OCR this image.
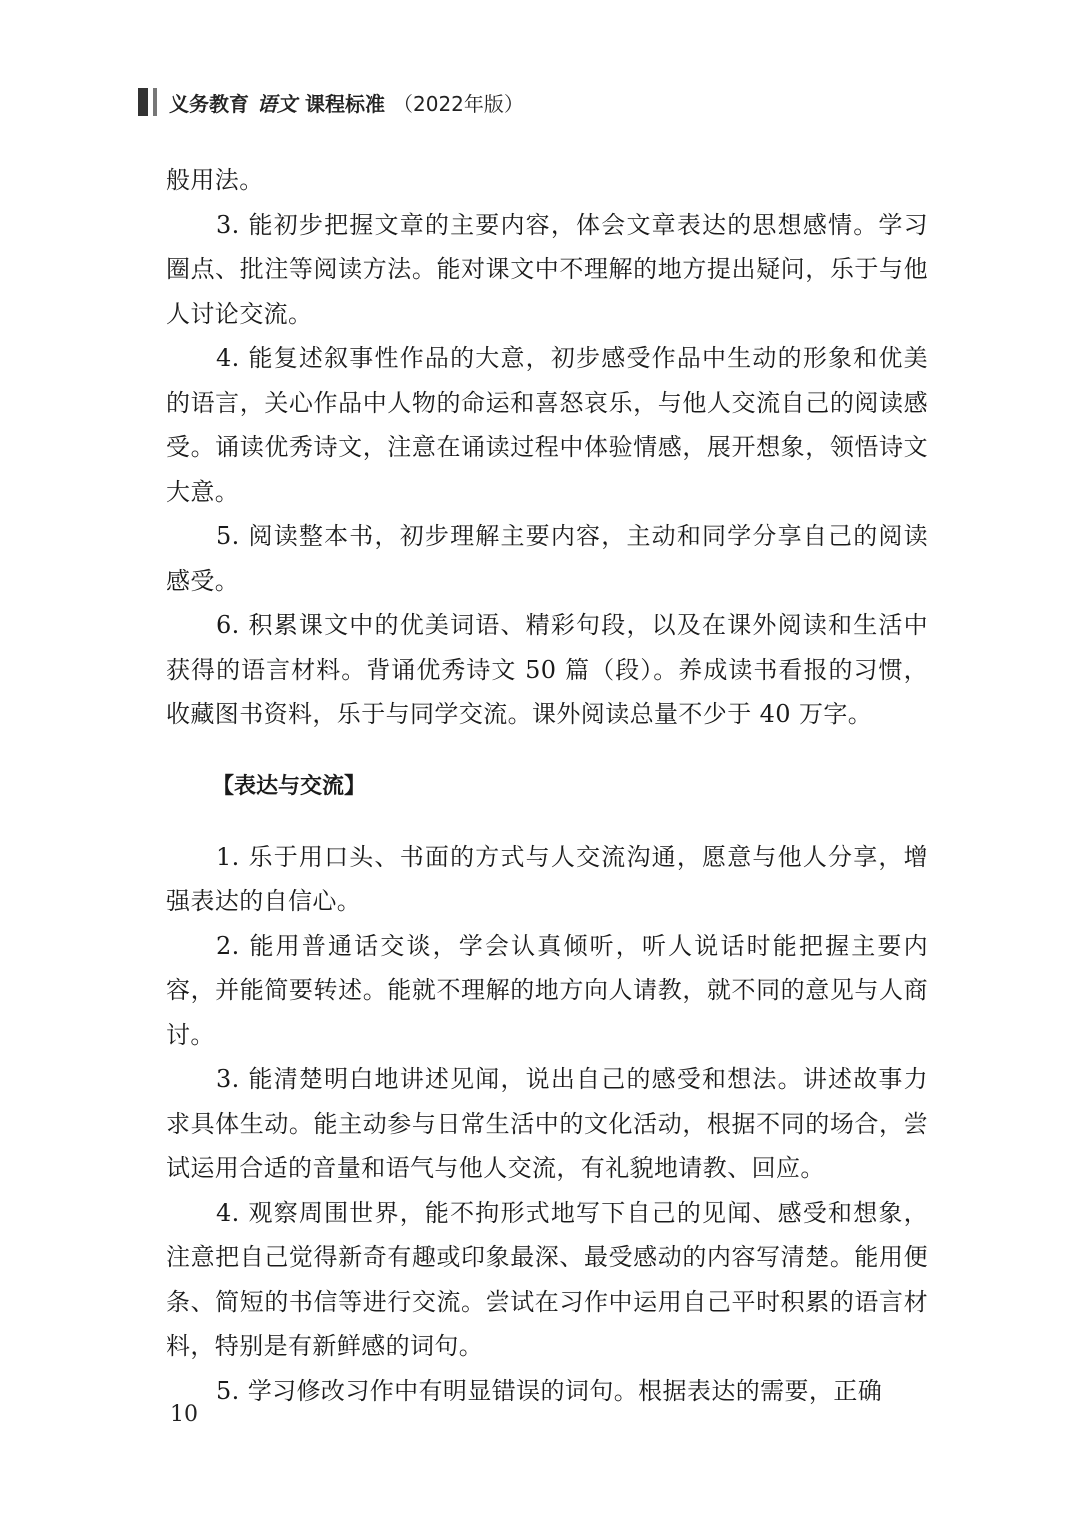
义务教育 语文 课程标准 （2022年版）

般用法。

3. 能初步把握文章的主要内容，体会文章表达的思想感情。学习圈点、批注等阅读方法。能对课文中不理解的地方提出疑问，乐于与他人讨论交流。

4. 能复述叙事性作品的大意，初步感受作品中生动的形象和优美的语言，关心作品中人物的命运和喜怒哀乐，与他人交流自己的阅读感受。诵读优秀诗文，注意在诵读过程中体验情感，展开想象，领悟诗文大意。

5. 阅读整本书，初步理解主要内容，主动和同学分享自己的阅读感受。

6. 积累课文中的优美词语、精彩句段，以及在课外阅读和生活中获得的语言材料。背诵优秀诗文 50 篇（段）。养成读书看报的习惯，收藏图书资料，乐于与同学交流。课外阅读总量不少于 40 万字。

【表达与交流】

1. 乐于用口头、书面的方式与人交流沟通，愿意与他人分享，增强表达的自信心。

2. 能用普通话交谈，学会认真倾听，听人说话时能把握主要内容，并能简要转述。能就不理解的地方向人请教，就不同的意见与人商讨。

3. 能清楚明白地讲述见闻，说出自己的感受和想法。讲述故事力求具体生动。能主动参与日常生活中的文化活动，根据不同的场合，尝试运用合适的音量和语气与他人交流，有礼貌地请教、回应。

4. 观察周围世界，能不拘形式地写下自己的见闻、感受和想象，注意把自己觉得新奇有趣或印象最深、最受感动的内容写清楚。能用便条、简短的书信等进行交流。尝试在习作中运用自己平时积累的语言材料，特别是有新鲜感的词句。

5. 学习修改习作中有明显错误的词句。根据表达的需要，正确

10
